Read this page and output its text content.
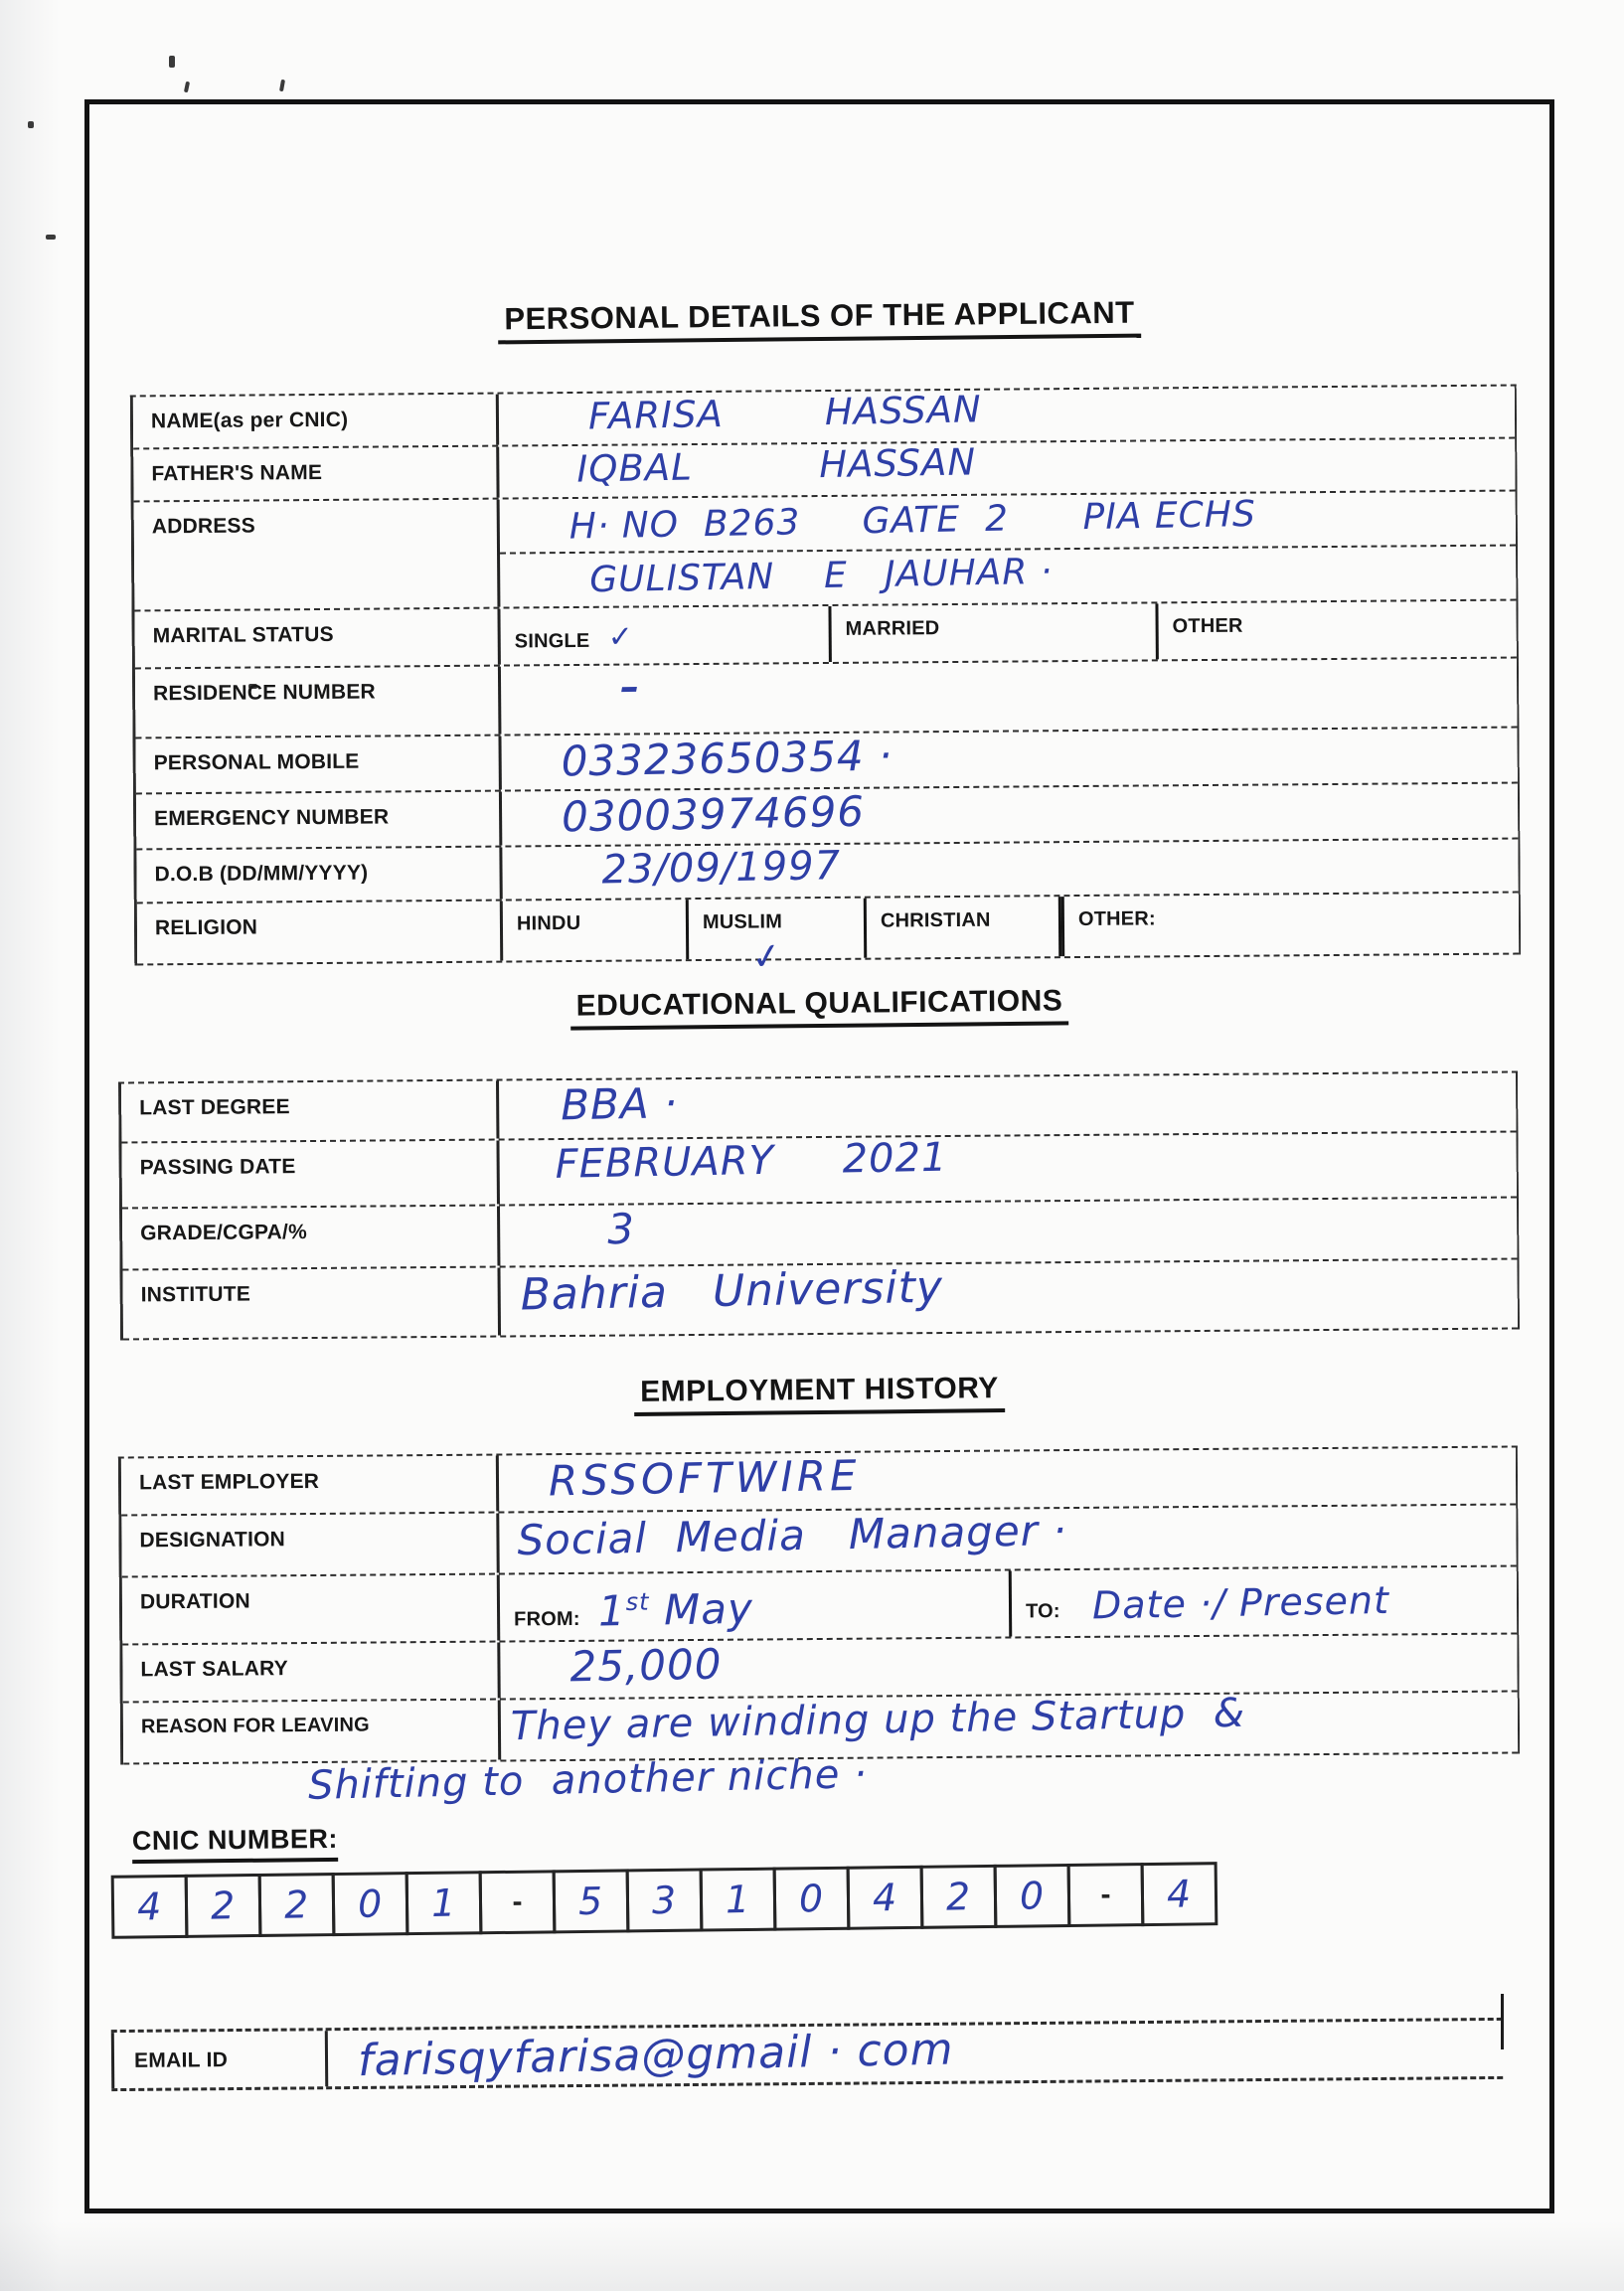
PERSONAL DETAILS OF THE APPLICANT
NAME(as per CNIC)	FARISA        HASSAN
FATHER'S NAME	IQBAL          HASSAN
ADDRESS	H· NO  B263     GATE  2      PIA ECHS
GULISTAN    E   JAUHAR ·
MARITAL STATUS	SINGLE ✓	MARRIED	OTHER
RESIDENCE NUMBER	–
PERSONAL MOBILE	03323650354 ·
EMERGENCY NUMBER	03003974696
D.O.B (DD/MM/YYYY)	23/09/1997
RELIGION	HINDU	MUSLIM	CHRISTIAN	OTHER:
✓
EDUCATIONAL QUALIFICATIONS
LAST DEGREE	BBA ·
PASSING DATE	FEBRUARY     2021
GRADE/CGPA/%	3
INSTITUTE	Bahria   University
EMPLOYMENT HISTORY
LAST EMPLOYER	RSSOFTWIRE
DESIGNATION	Social  Media   Manager ·
DURATION
FROM: 1st May	TO: Date ·/ Present
LAST SALARY	25,000
REASON FOR LEAVING	They are winding up the Startup  &
Shifting to  another niche ·
CNIC NUMBER:
4 2 2 0 1 - 5 3 1 0 4 2 0 - 4
EMAIL ID	farisqyfarisa@gmail · com
